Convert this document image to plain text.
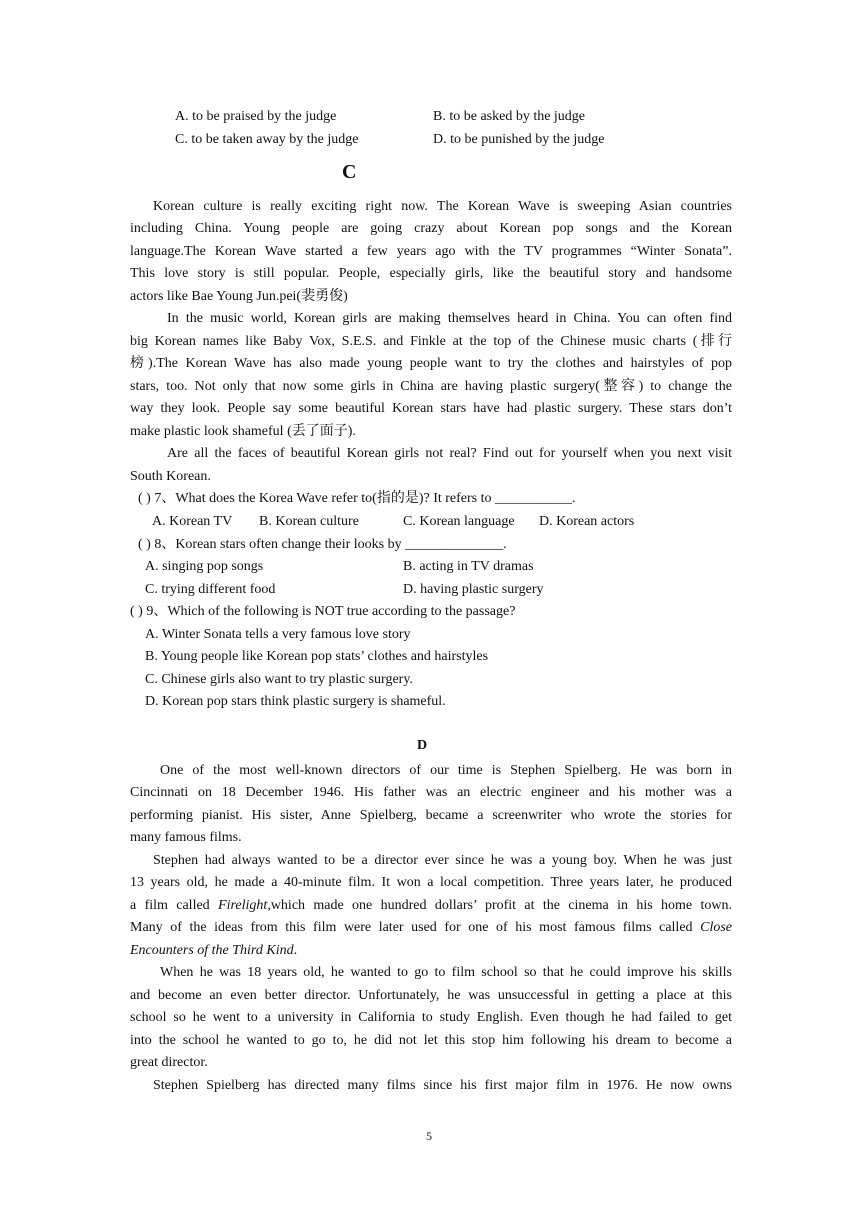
A. to be praised by the judge	B. to be asked by the judge
C. to be taken away by the judge	D. to be punished by the judge
C
Korean culture is really exciting right now. The Korean Wave is sweeping Asian countries
including China. Young people are going crazy about Korean pop songs and the Korean
language.The Korean Wave started a few years ago with the TV programmes “Winter Sonata”.
This love story is still popular. People, especially girls, like the beautiful story and handsome
actors like Bae Young Jun.pei(裴勇俊)
In the music world, Korean girls are making themselves heard in China. You can often find
big Korean names like Baby Vox, S.E.S. and Finkle at the top of the Chinese music charts (排行
榜).The Korean Wave has also made young people want to try the clothes and hairstyles of pop
stars, too. Not only that now some girls in China are having plastic surgery(整容) to change the
way they look. People say some beautiful Korean stars have had plastic surgery. These stars don’t
make plastic look shameful (丢了面子).
Are all the faces of beautiful Korean girls not real? Find out for yourself when you next visit
South Korean.
( ) 7、What does the Korea Wave refer to(指的是)? It refers to ___________.
A. Korean TV B. Korean culture	C. Korean language D. Korean actors
( ) 8、Korean stars often change their looks by ______________.
A. singing pop songs	B. acting in TV dramas
C. trying different food	D. having plastic surgery
( ) 9、Which of the following is NOT true according to the passage?
A. Winter Sonata tells a very famous love story
B. Young people like Korean pop stats’ clothes and hairstyles
C. Chinese girls also want to try plastic surgery.
D. Korean pop stars think plastic surgery is shameful.
D
One of the most well-known directors of our time is Stephen Spielberg. He was born in
Cincinnati on 18 December 1946. His father was an electric engineer and his mother was a
performing pianist. His sister, Anne Spielberg, became a screenwriter who wrote the stories for
many famous films.
Stephen had always wanted to be a director ever since he was a young boy. When he was just
13 years old, he made a 40-minute film. It won a local competition. Three years later, he produced
a film called Firelight,which made one hundred dollars’ profit at the cinema in his home town.
Many of the ideas from this film were later used for one of his most famous films called Close
Encounters of the Third Kind.
When he was 18 years old, he wanted to go to film school so that he could improve his skills
and become an even better director. Unfortunately, he was unsuccessful in getting a place at this
school so he went to a university in California to study English. Even though he had failed to get
into the school he wanted to go to, he did not let this stop him following his dream to become a
great director.
Stephen Spielberg has directed many films since his first major film in 1976. He now owns
5
